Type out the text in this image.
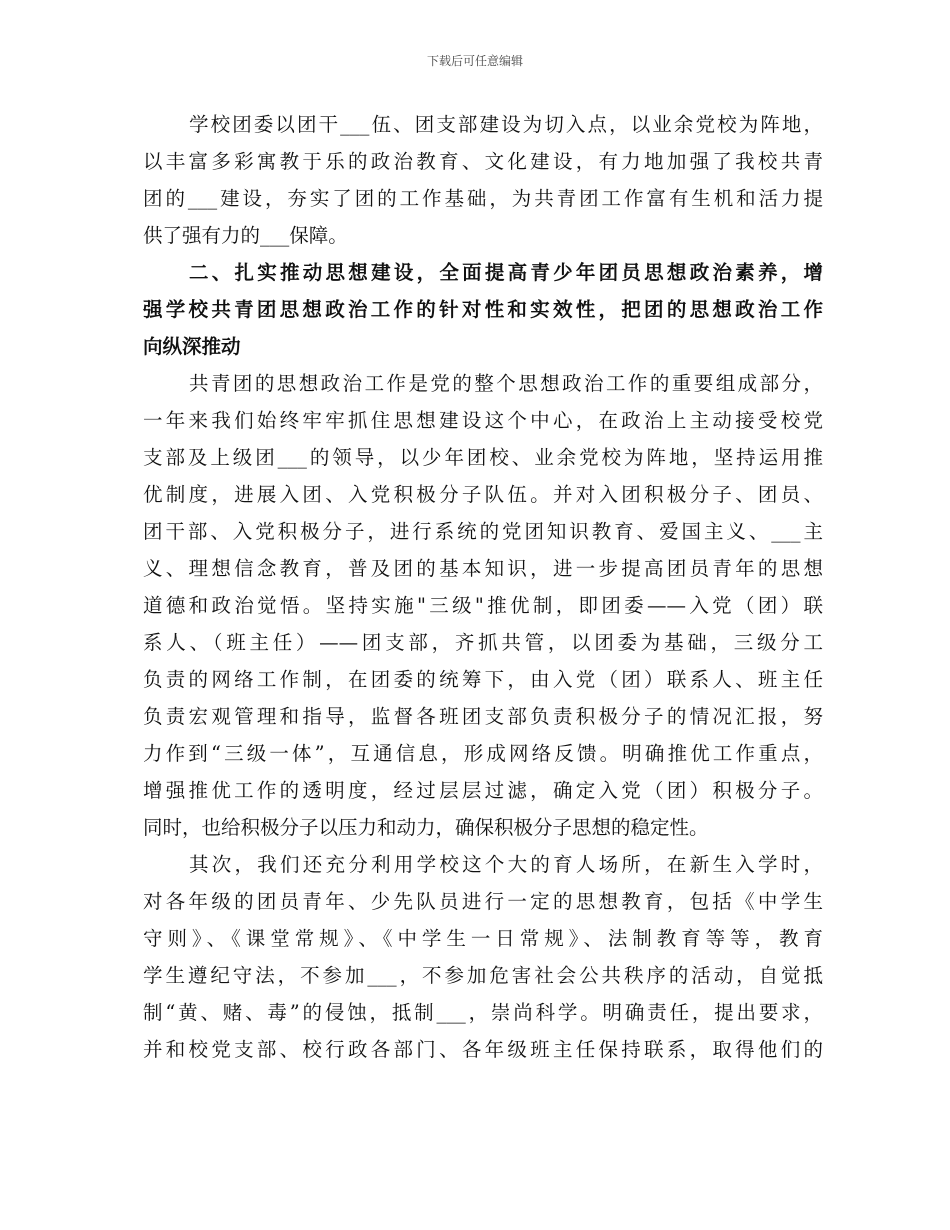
下载后可任意编辑
学校团委以团干___伍、团支部建设为切入点，以业余党校为阵地，
以丰富多彩寓教于乐的政治教育、文化建设，有力地加强了我校共青
团的___建设，夯实了团的工作基础，为共青团工作富有生机和活力提
供了强有力的___保障。
二、扎实推动思想建设，全面提高青少年团员思想政治素养，增
强学校共青团思想政治工作的针对性和实效性，把团的思想政治工作
向纵深推动
共青团的思想政治工作是党的整个思想政治工作的重要组成部分，
一年来我们始终牢牢抓住思想建设这个中心，在政治上主动接受校党
支部及上级团___的领导，以少年团校、业余党校为阵地，坚持运用推
优制度，进展入团、入党积极分子队伍。并对入团积极分子、团员、
团干部、入党积极分子，进行系统的党团知识教育、爱国主义、___主
义、理想信念教育，普及团的基本知识，进一步提高团员青年的思想
道德和政治觉悟。坚持实施"三级"推优制，即团委——入党（团）联
系人、（班主任）——团支部，齐抓共管，以团委为基础，三级分工
负责的网络工作制，在团委的统筹下，由入党（团）联系人、班主任
负责宏观管理和指导，监督各班团支部负责积极分子的情况汇报，努
力作到“三级一体”，互通信息，形成网络反馈。明确推优工作重点，
增强推优工作的透明度，经过层层过滤，确定入党（团）积极分子。
同时，也给积极分子以压力和动力，确保积极分子思想的稳定性。
其次，我们还充分利用学校这个大的育人场所，在新生入学时，
对各年级的团员青年、少先队员进行一定的思想教育，包括《中学生
守则》、《课堂常规》、《中学生一日常规》、法制教育等等，教育
学生遵纪守法，不参加___，不参加危害社会公共秩序的活动，自觉抵
制“黄、赌、毒”的侵蚀，抵制___，崇尚科学。明确责任，提出要求，
并和校党支部、校行政各部门、各年级班主任保持联系，取得他们的
